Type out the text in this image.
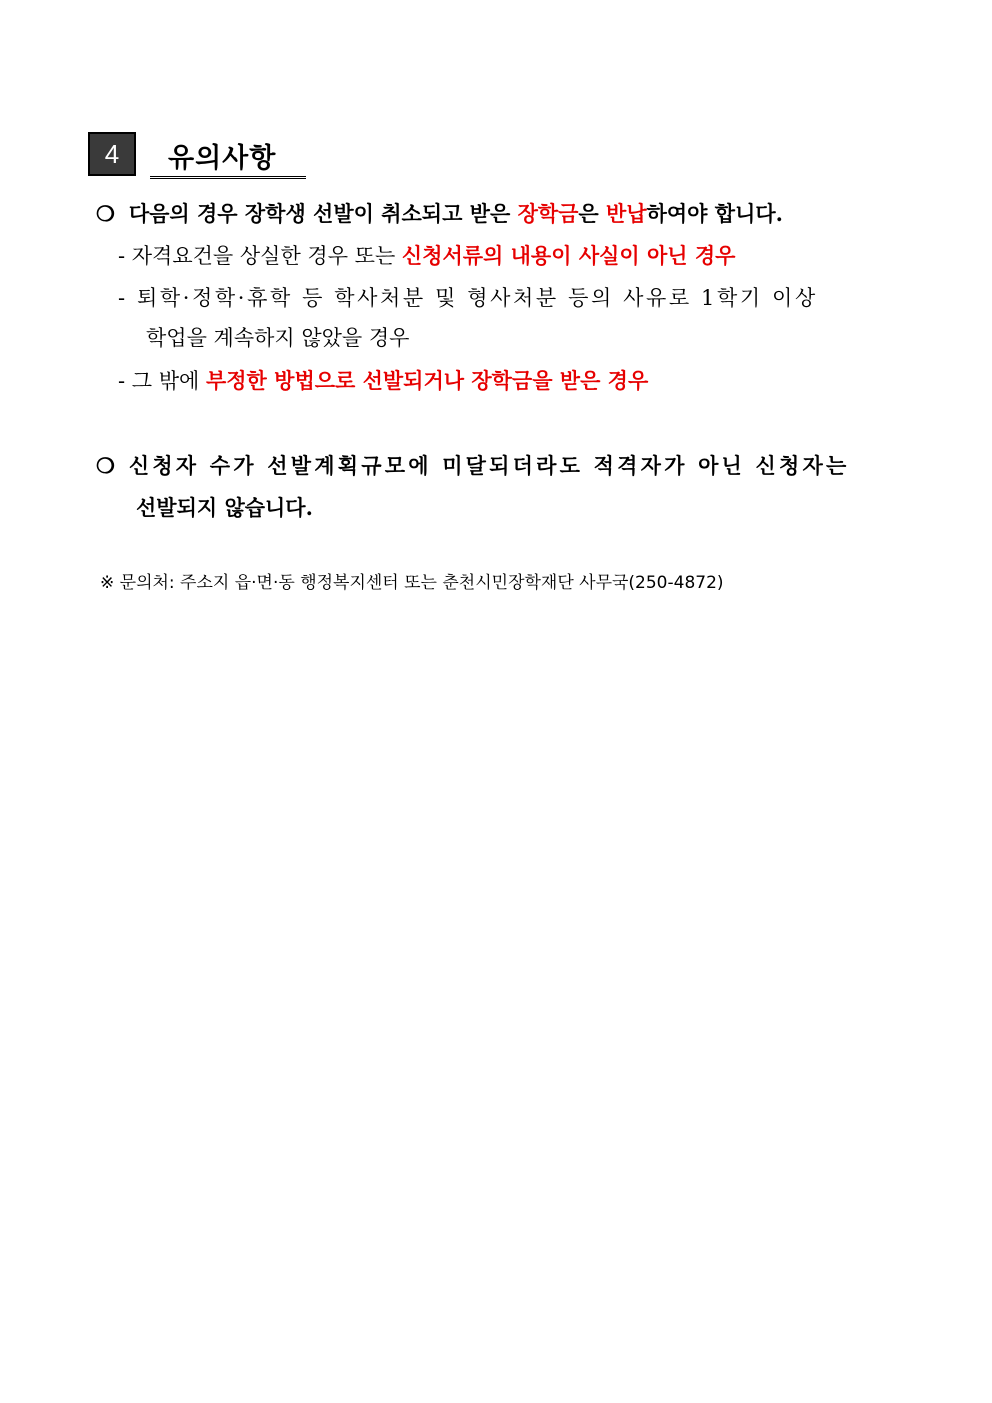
4	유의사항
❍ 다음의 경우 장학생 선발이 취소되고 받은 장학금은 반납하여야 합니다.
- 자격요건을 상실한 경우 또는 신청서류의 내용이 사실이 아닌 경우
- 퇴학·정학·휴학 등 학사처분 및 형사처분 등의 사유로 1학기 이상
학업을 계속하지 않았을 경우
- 그 밖에 부정한 방법으로 선발되거나 장학금을 받은 경우
❍ 신청자 수가 선발계획규모에 미달되더라도 적격자가 아닌 신청자는
선발되지 않습니다.
※ 문의처: 주소지 읍·면·동 행정복지센터 또는 춘천시민장학재단 사무국(250-4872)
